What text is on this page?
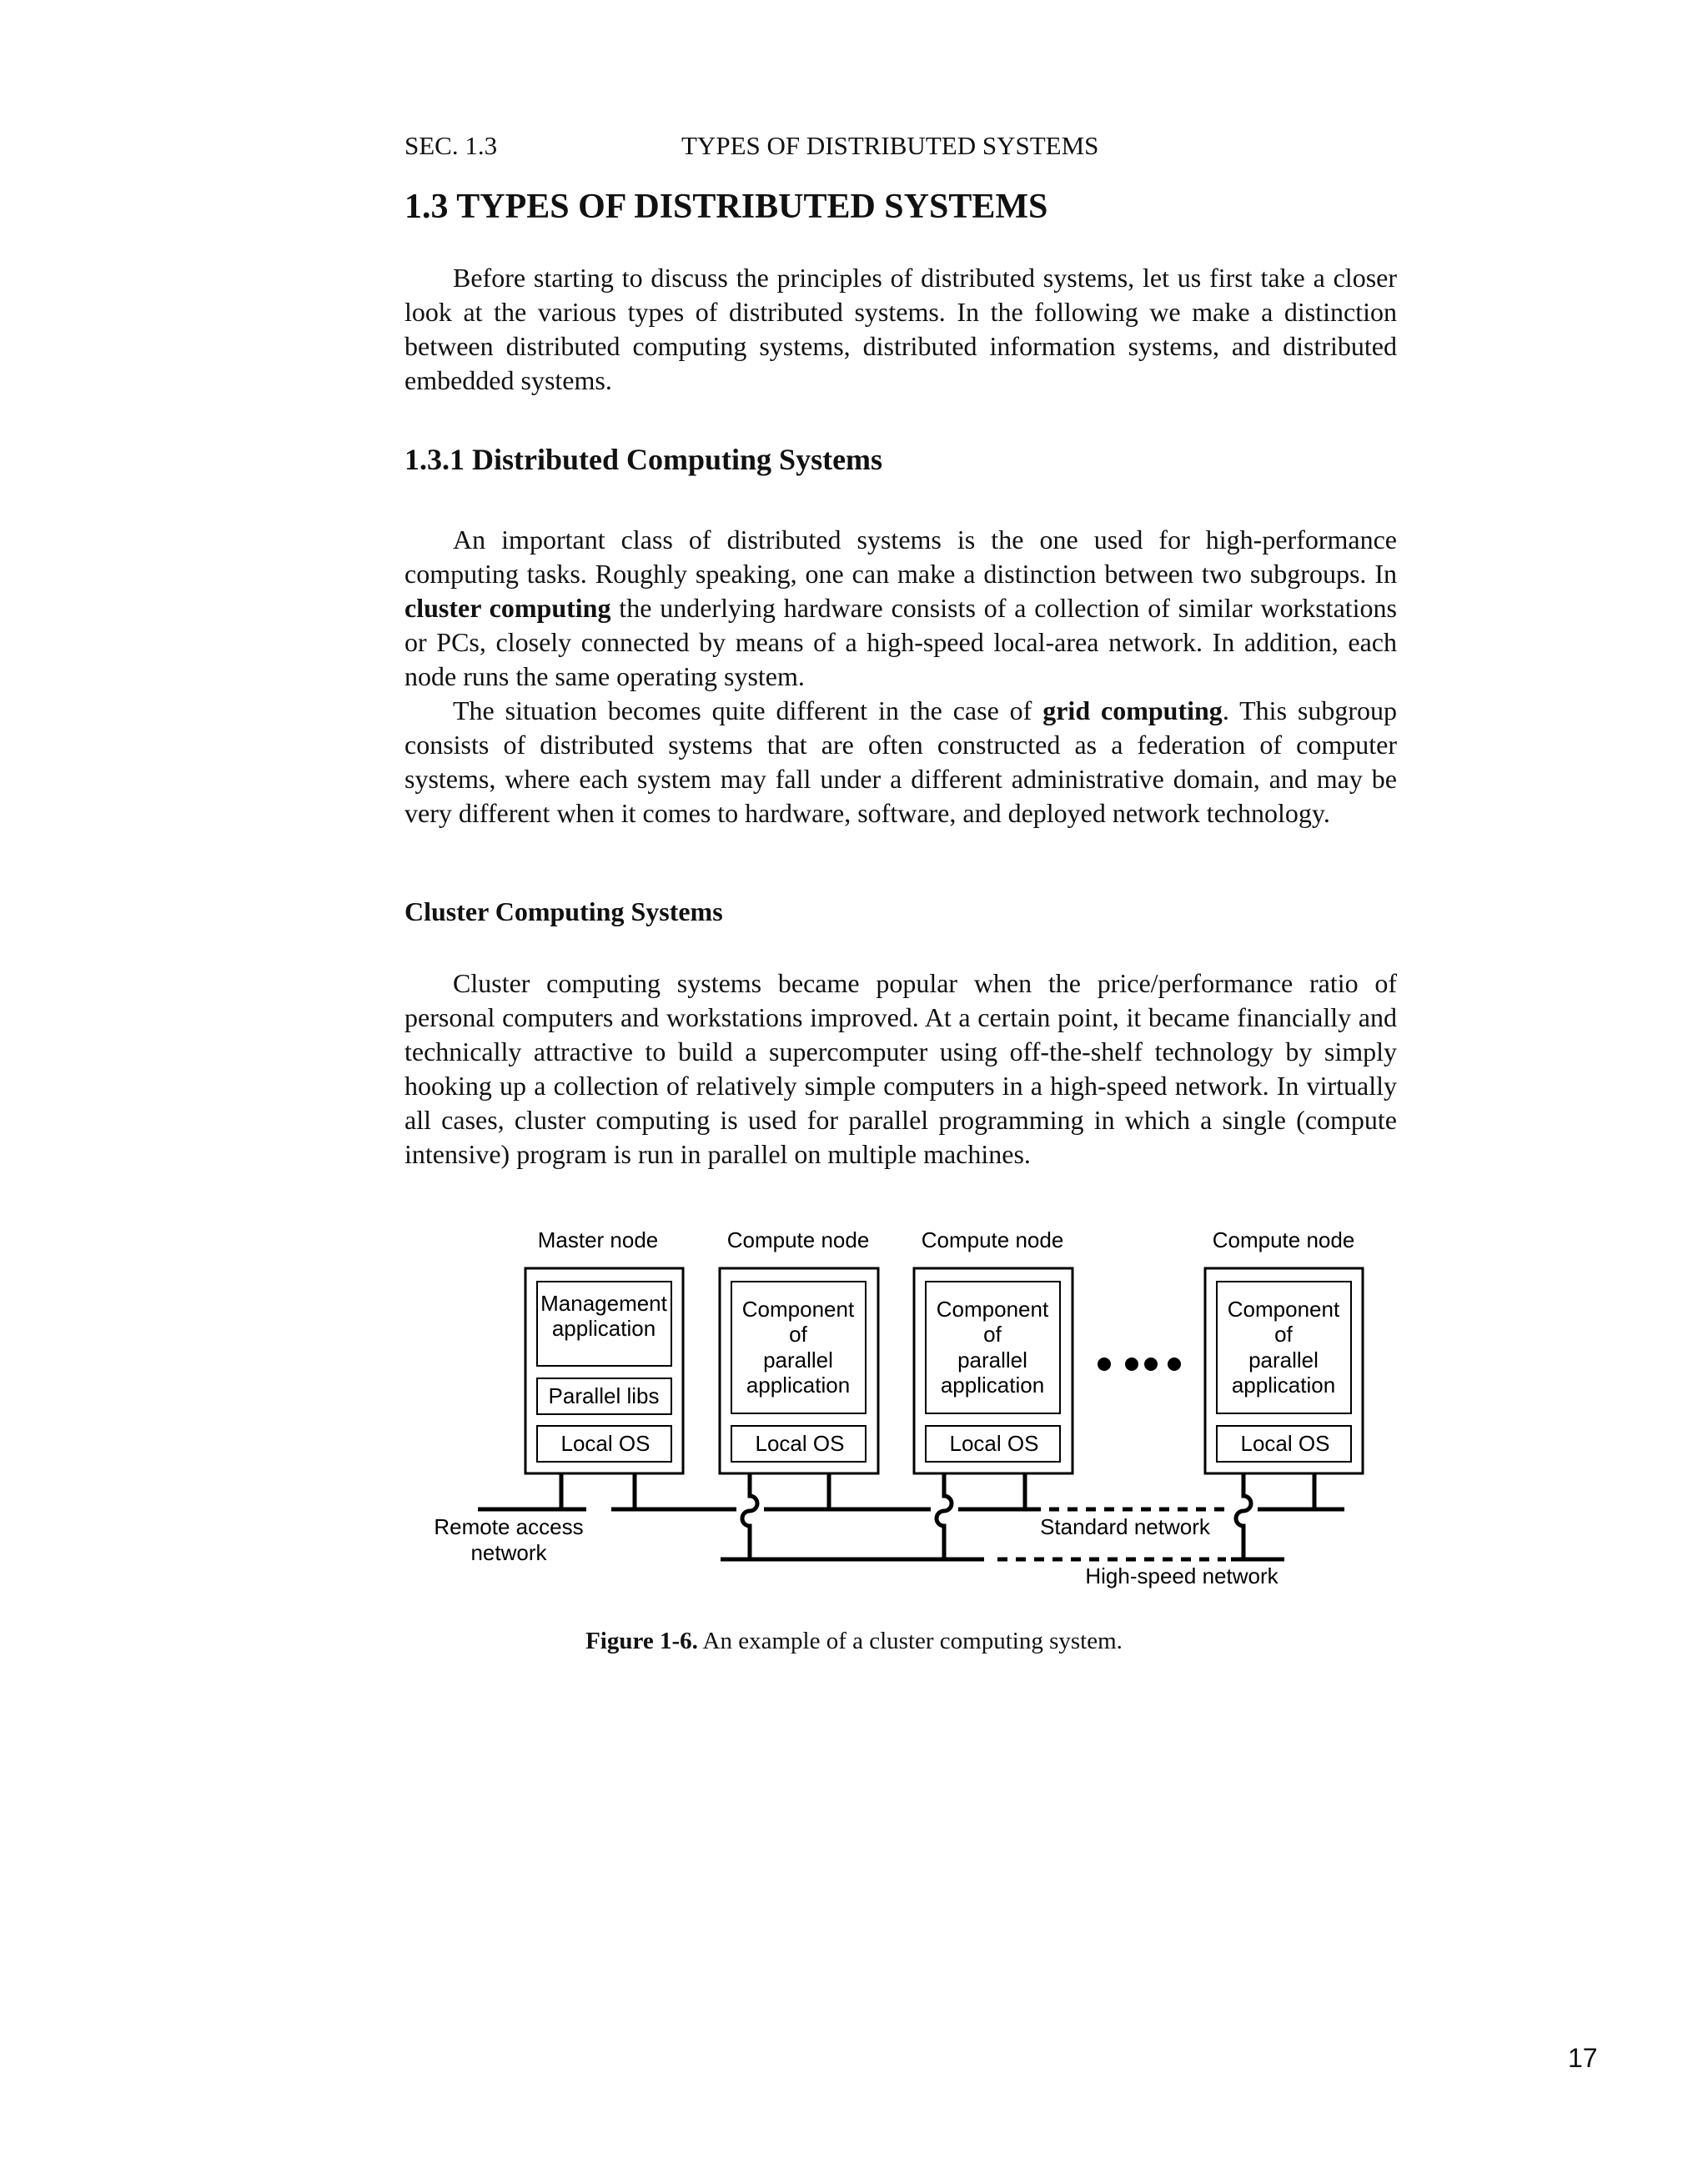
SEC. 1.3	TYPES OF DISTRIBUTED SYSTEMS
1.3 TYPES OF DISTRIBUTED SYSTEMS

Before starting to discuss the principles of distributed systems, let us first take a closer look at the various types of distributed systems. In the following we make a distinction between distributed computing systems, distributed information systems, and distributed embedded systems.

1.3.1 Distributed Computing Systems

An important class of distributed systems is the one used for high-performance computing tasks. Roughly speaking, one can make a distinction between two subgroups. In cluster computing the underlying hardware consists of a collection of similar workstations or PCs, closely connected by means of a high-speed local-area network. In addition, each node runs the same operating system.

The situation becomes quite different in the case of grid computing. This subgroup consists of distributed systems that are often constructed as a federation of computer systems, where each system may fall under a different administrative domain, and may be very different when it comes to hardware, software, and deployed network technology.

Cluster Computing Systems

Cluster computing systems became popular when the price/performance ratio of personal computers and workstations improved. At a certain point, it became financially and technically attractive to build a supercomputer using off-the-shelf technology by simply hooking up a collection of relatively simple computers in a high-speed network. In virtually all cases, cluster computing is used for parallel programming in which a single (compute intensive) program is run in parallel on multiple machines.

Master node
Management
application
Parallel libs
Local OS
Compute node
Component
of
parallel
application
Local OS
Compute node
Component
of
parallel
application
Local OS
Compute node
Component
of
parallel
application
Local OS
Remote access
network
Standard network
High-speed network

Figure 1-6. An example of a cluster computing system.

17
